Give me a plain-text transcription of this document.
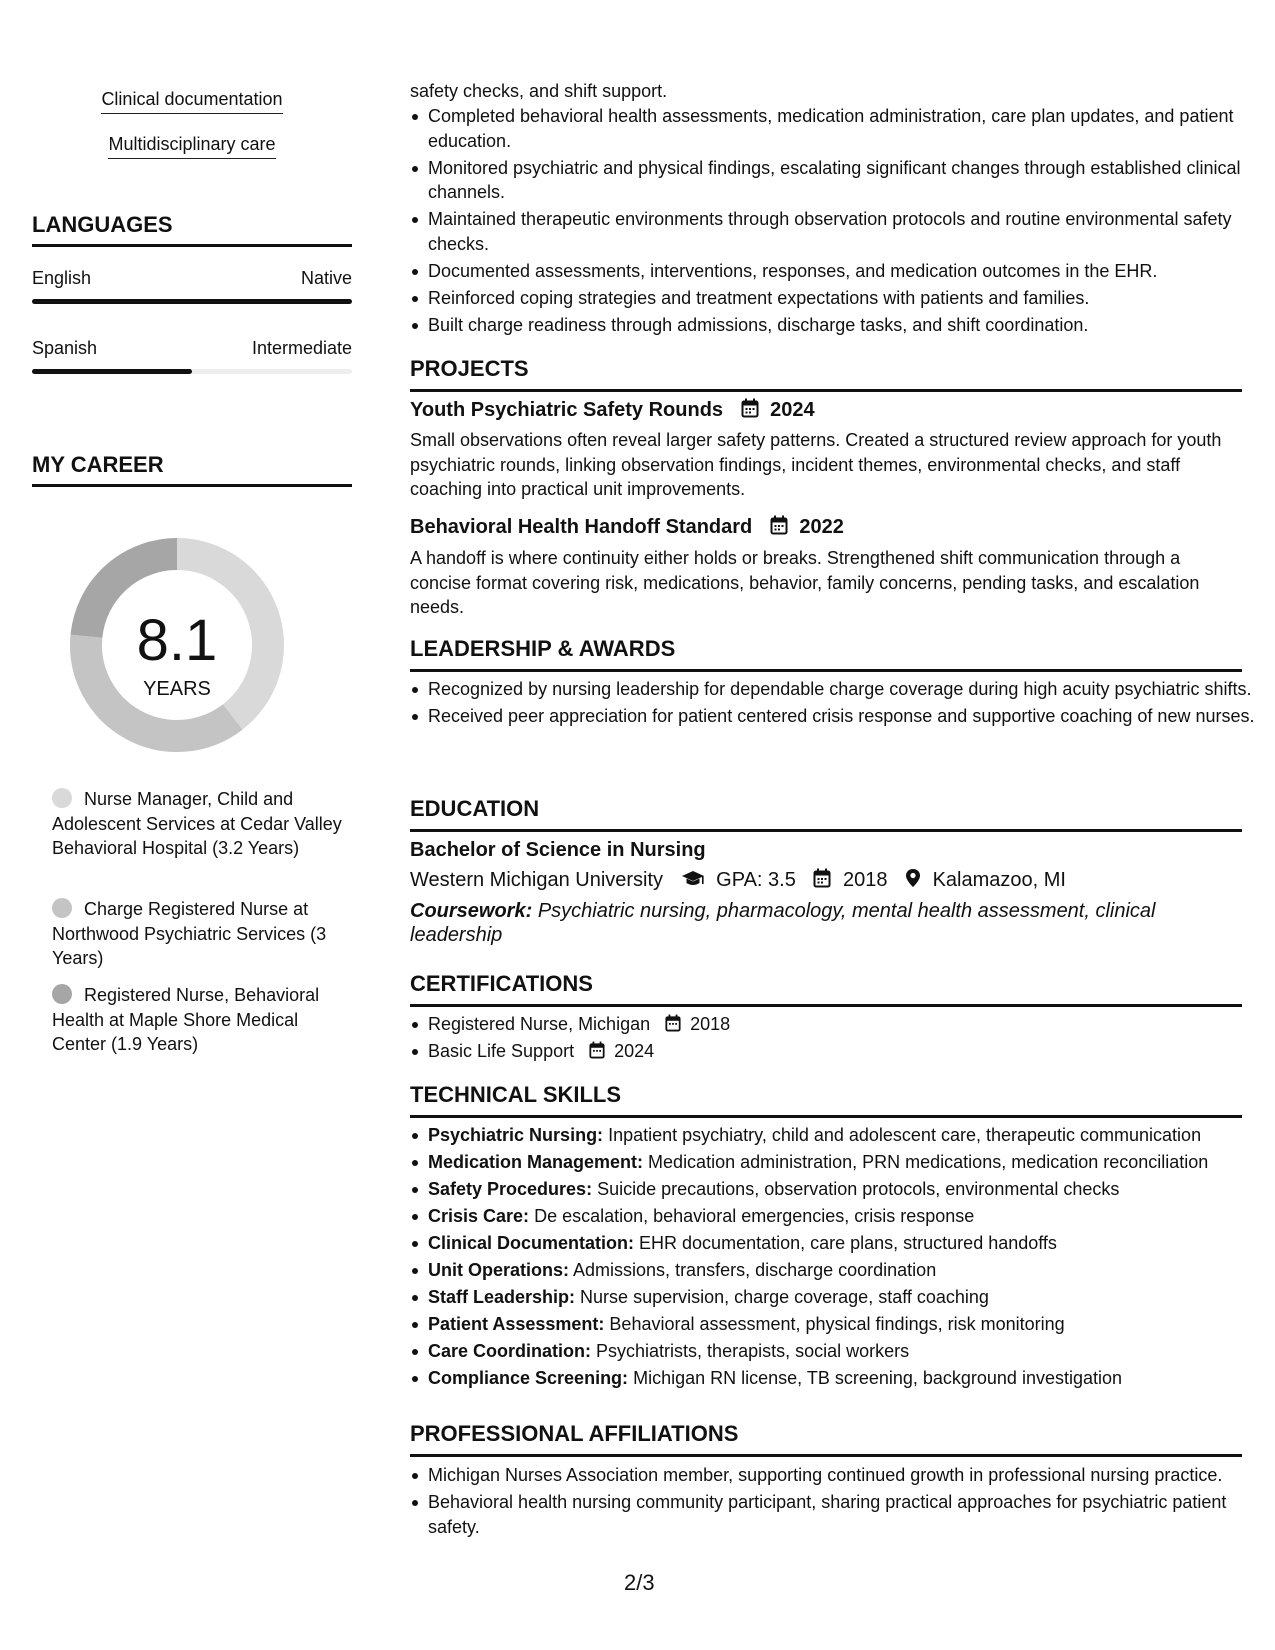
Clinical documentation
Multidisciplinary care
LANGUAGES
English	Native
Spanish	Intermediate
MY CAREER
8.1
YEARS
Nurse Manager, Child and Adolescent Services at Cedar Valley Behavioral Hospital (3.2 Years)
Charge Registered Nurse at Northwood Psychiatric Services (3 Years)
Registered Nurse, Behavioral Health at Maple Shore Medical Center (1.9 Years)
safety checks, and shift support.
Completed behavioral health assessments, medication administration, care plan updates, and patient education.
Monitored psychiatric and physical findings, escalating significant changes through established clinical channels.
Maintained therapeutic environments through observation protocols and routine environmental safety checks.
Documented assessments, interventions, responses, and medication outcomes in the EHR.
Reinforced coping strategies and treatment expectations with patients and families.
Built charge readiness through admissions, discharge tasks, and shift coordination.
PROJECTS
Youth Psychiatric Safety Rounds 2024
Small observations often reveal larger safety patterns. Created a structured review approach for youth psychiatric rounds, linking observation findings, incident themes, environmental checks, and staff coaching into practical unit improvements.
Behavioral Health Handoff Standard 2022
A handoff is where continuity either holds or breaks. Strengthened shift communication through a concise format covering risk, medications, behavior, family concerns, pending tasks, and escalation needs.
LEADERSHIP & AWARDS
Recognized by nursing leadership for dependable charge coverage during high acuity psychiatric shifts.
Received peer appreciation for patient centered crisis response and supportive coaching of new nurses.
EDUCATION
Bachelor of Science in Nursing
Western Michigan University	GPA: 3.5 2018 Kalamazoo, MI
Coursework: Psychiatric nursing, pharmacology, mental health assessment, clinical leadership
CERTIFICATIONS
Registered Nurse, Michigan 2018
Basic Life Support 2024
TECHNICAL SKILLS
Psychiatric Nursing: Inpatient psychiatry, child and adolescent care, therapeutic communication
Medication Management: Medication administration, PRN medications, medication reconciliation
Safety Procedures: Suicide precautions, observation protocols, environmental checks
Crisis Care: De escalation, behavioral emergencies, crisis response
Clinical Documentation: EHR documentation, care plans, structured handoffs
Unit Operations: Admissions, transfers, discharge coordination
Staff Leadership: Nurse supervision, charge coverage, staff coaching
Patient Assessment: Behavioral assessment, physical findings, risk monitoring
Care Coordination: Psychiatrists, therapists, social workers
Compliance Screening: Michigan RN license, TB screening, background investigation
PROFESSIONAL AFFILIATIONS
Michigan Nurses Association member, supporting continued growth in professional nursing practice.
Behavioral health nursing community participant, sharing practical approaches for psychiatric patient safety.
2/3
